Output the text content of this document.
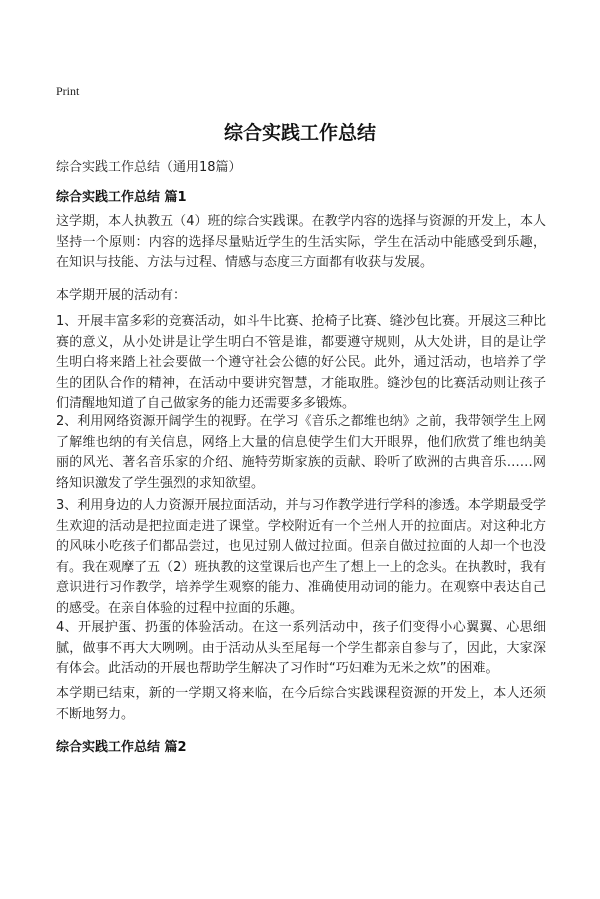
Print
综合实践工作总结
综合实践工作总结（通用18篇）
综合实践工作总结 篇1

这学期，本人执教五（4）班的综合实践课。在教学内容的选择与资源的开发上，本人坚持一个原则：内容的选择尽量贴近学生的生活实际，学生在活动中能感受到乐趣，在知识与技能、方法与过程、情感与态度三方面都有收获与发展。

本学期开展的活动有：

1、开展丰富多彩的竞赛活动，如斗牛比赛、抢椅子比赛、缝沙包比赛。开展这三种比赛的意义，从小处讲是让学生明白不管是谁，都要遵守规则，从大处讲，目的是让学生明白将来踏上社会要做一个遵守社会公德的好公民。此外，通过活动，也培养了学生的团队合作的精神，在活动中要讲究智慧，才能取胜。缝沙包的比赛活动则让孩子们清醒地知道了自己做家务的能力还需要多多锻炼。

2、利用网络资源开阔学生的视野。在学习《音乐之都维也纳》之前，我带领学生上网了解维也纳的有关信息，网络上大量的信息使学生们大开眼界，他们欣赏了维也纳美丽的风光、著名音乐家的介绍、施特劳斯家族的贡献、聆听了欧洲的古典音乐……网络知识激发了学生强烈的求知欲望。

3、利用身边的人力资源开展拉面活动，并与习作教学进行学科的渗透。本学期最受学生欢迎的活动是把拉面走进了课堂。学校附近有一个兰州人开的拉面店。对这种北方的风味小吃孩子们都品尝过，也见过别人做过拉面。但亲自做过拉面的人却一个也没有。我在观摩了五（2）班执教的这堂课后也产生了想上一上的念头。在执教时，我有意识进行习作教学，培养学生观察的能力、准确使用动词的能力。在观察中表达自己的感受。在亲自体验的过程中拉面的乐趣。

4、开展护蛋、扔蛋的体验活动。在这一系列活动中，孩子们变得小心翼翼、心思细腻，做事不再大大咧咧。由于活动从头至尾每一个学生都亲自参与了，因此，大家深有体会。此活动的开展也帮助学生解决了习作时“巧妇难为无米之炊”的困难。

本学期已结束，新的一学期又将来临，在今后综合实践课程资源的开发上，本人还须不断地努力。

综合实践工作总结 篇2
